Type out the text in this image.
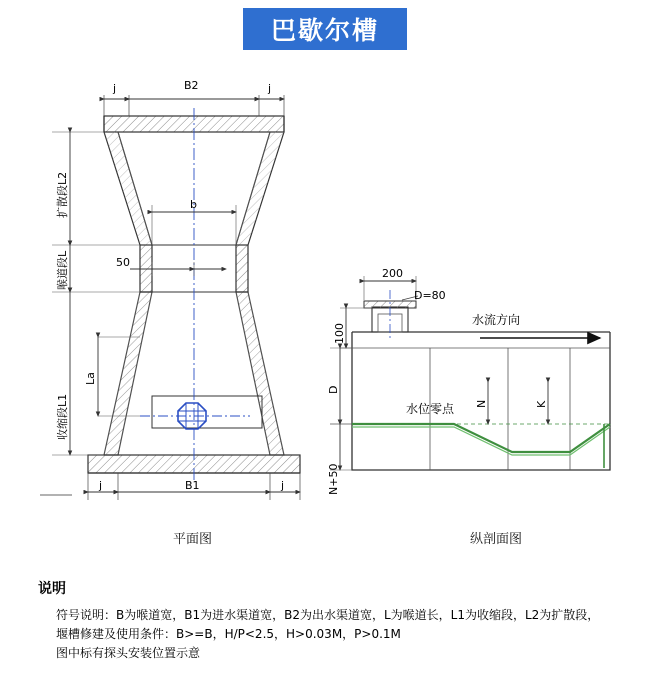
巴歇尔槽
j	B2	j
扩散段L2
喉道段L
收缩段L1
La
b
50
j	B1	j
200
D=80
100
D
N+50
N	K
水流方向
水位零点
平面图	纵剖面图
说明
符号说明：B为喉道宽，B1为进水渠道宽，B2为出水渠道宽，L为喉道长，L1为收缩段，L2为扩散段，
堰槽修建及使用条件：B>=B，H/P<2.5，H>0.03M，P>0.1M
图中标有探头安装位置示意
